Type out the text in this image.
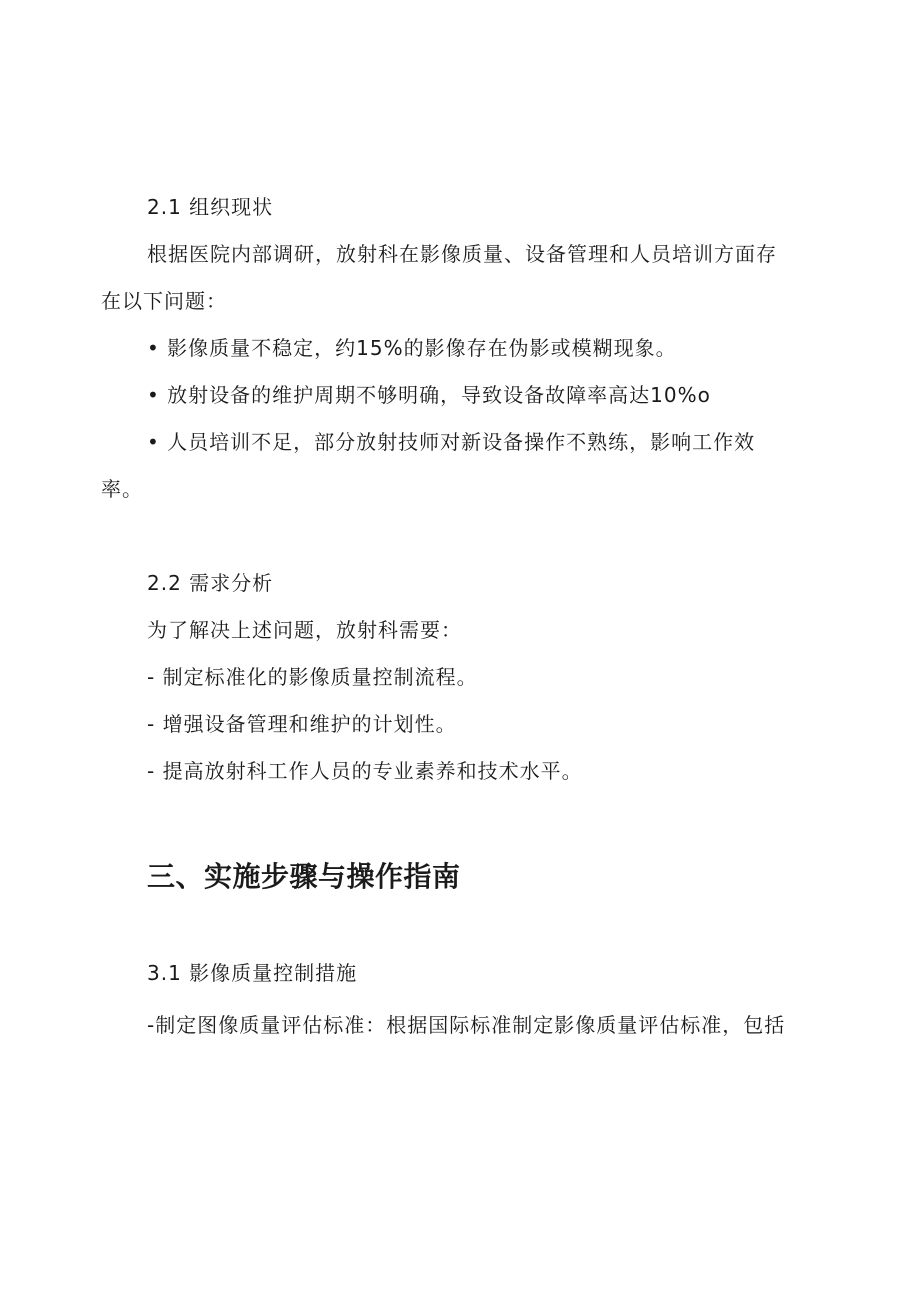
2.1 组织现状
根据医院内部调研，放射科在影像质量、设备管理和人员培训方面存
在以下问题：
• 影像质量不稳定，约15%的影像存在伪影或模糊现象。
• 放射设备的维护周期不够明确，导致设备故障率高达10%o
• 人员培训不足，部分放射技师对新设备操作不熟练，影响工作效
率。
2.2 需求分析
为了解决上述问题，放射科需要：
- 制定标准化的影像质量控制流程。
- 增强设备管理和维护的计划性。
- 提高放射科工作人员的专业素养和技术水平。
三、实施步骤与操作指南
3.1 影像质量控制措施
-制定图像质量评估标准：根据国际标准制定影像质量评估标准，包括
